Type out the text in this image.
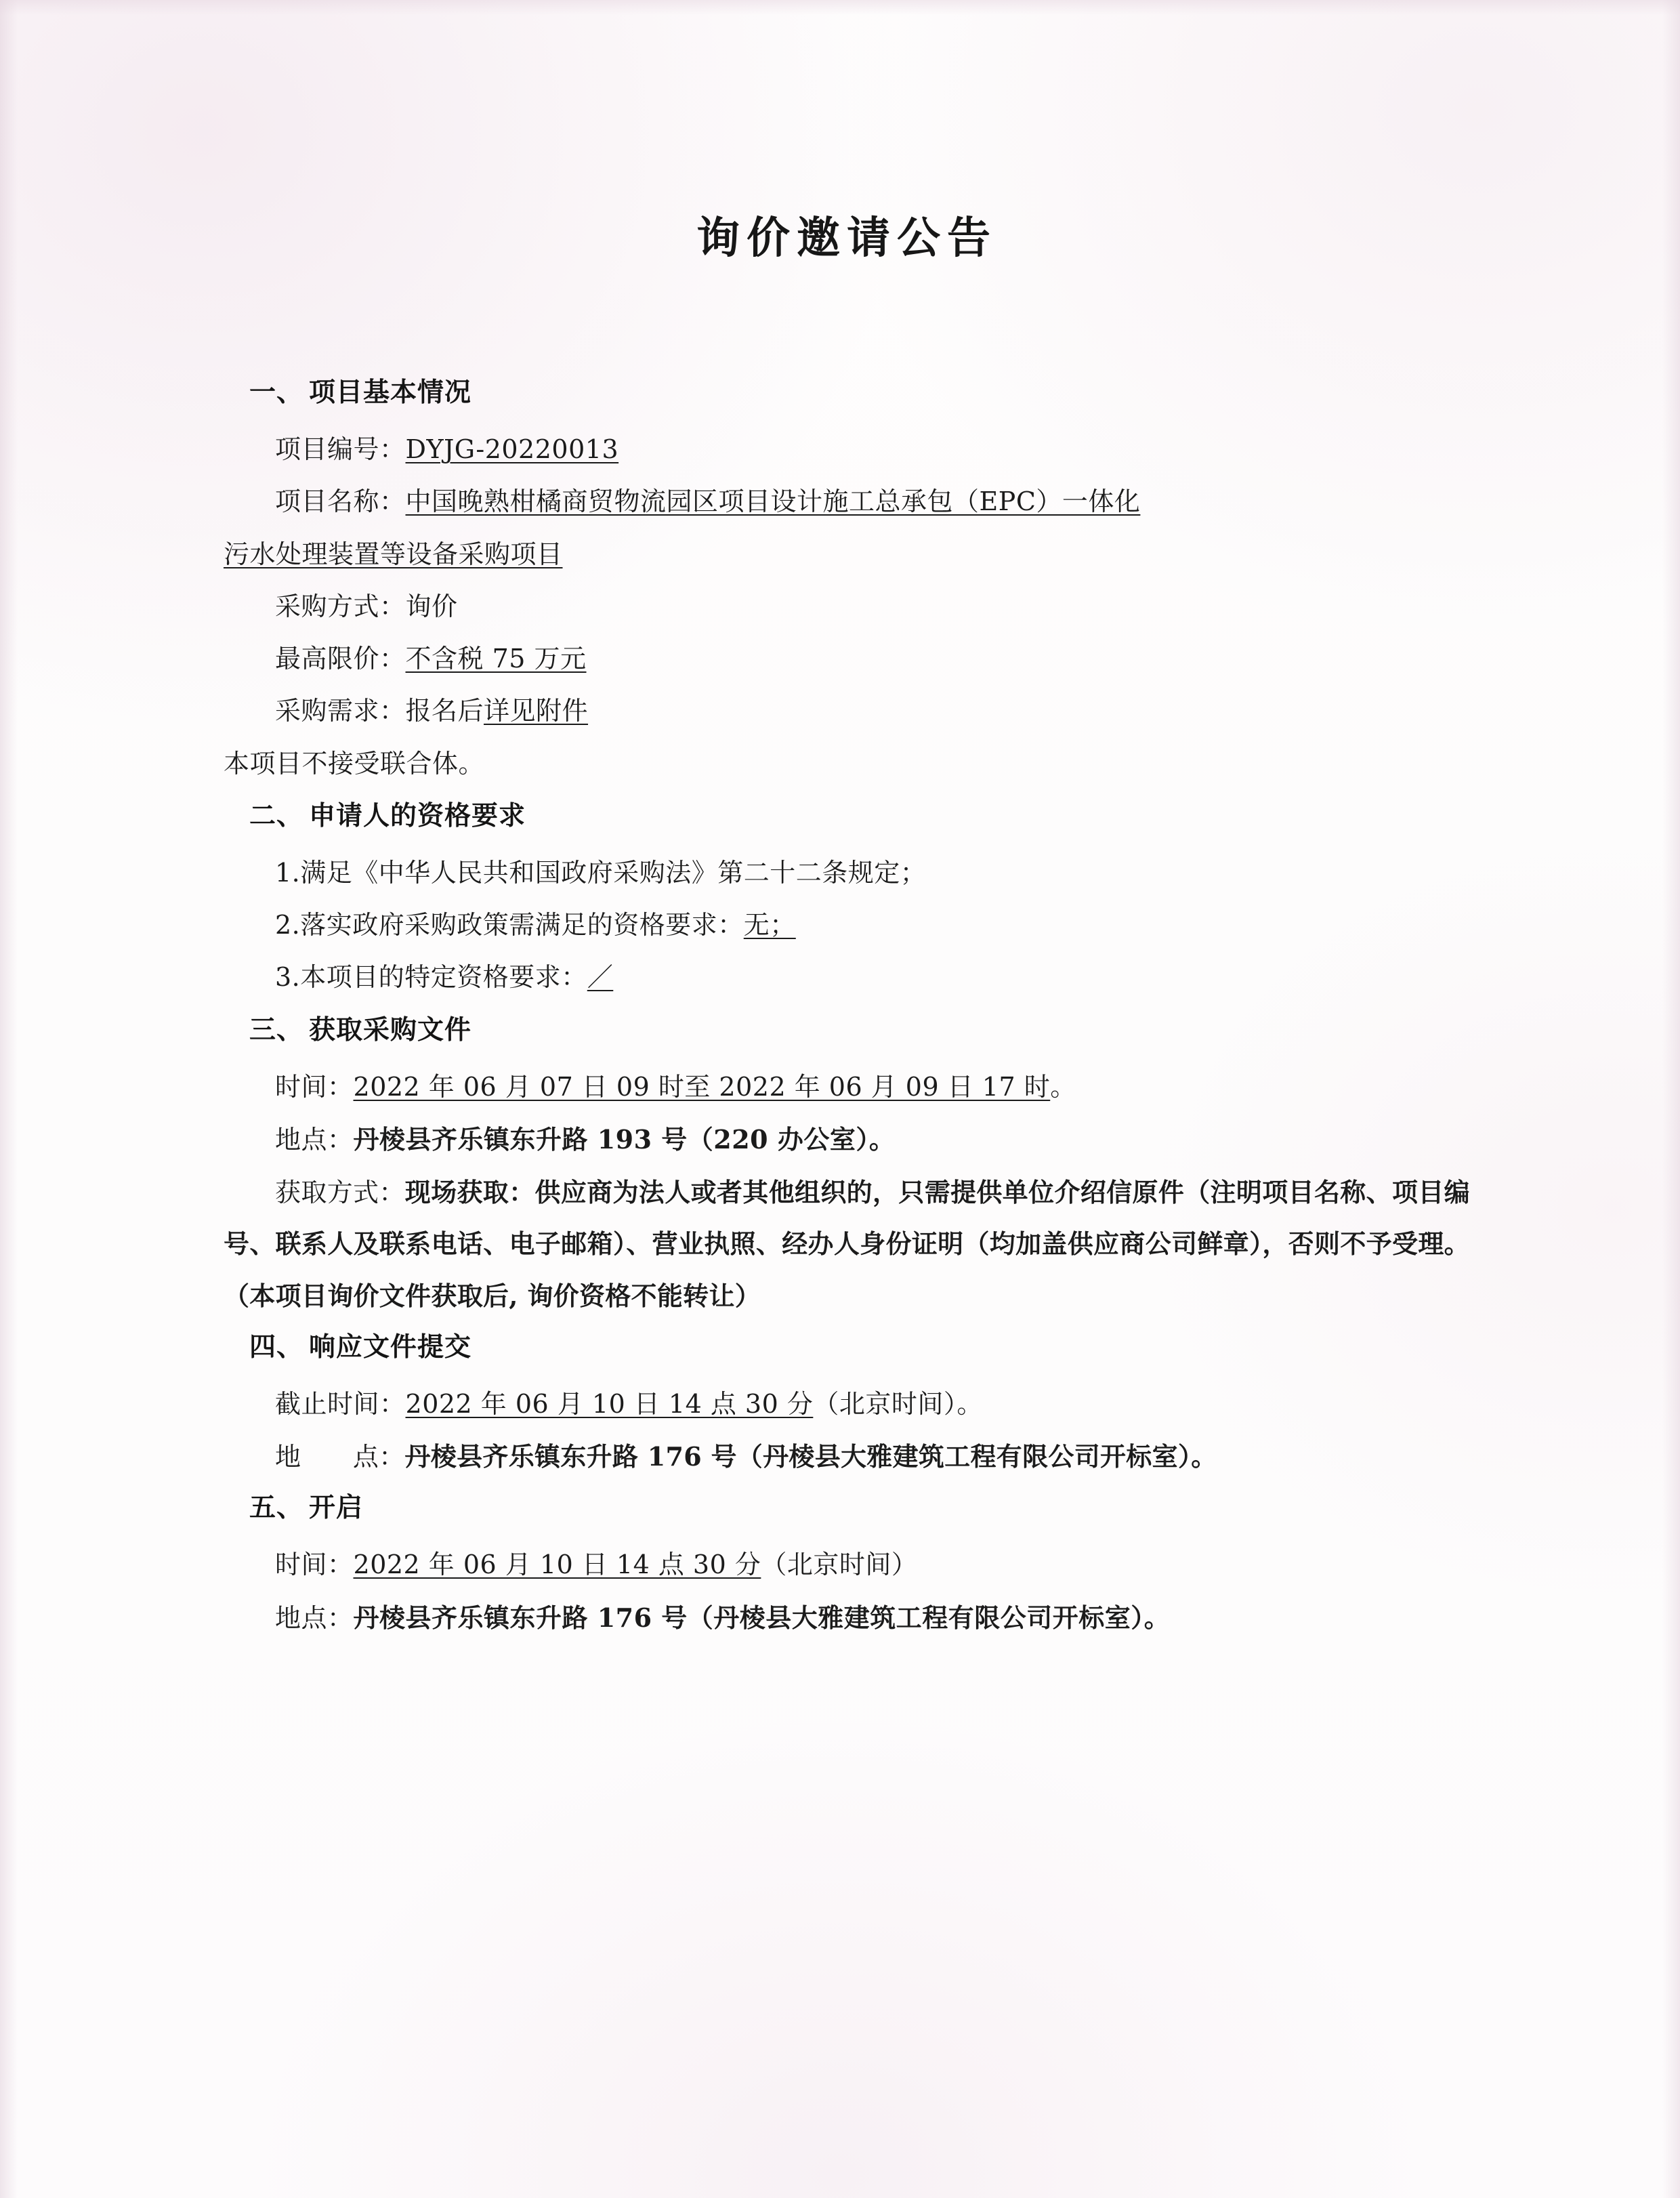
询价邀请公告
一、 项目基本情况

项目编号：DYJG-20220013

项目名称：中国晚熟柑橘商贸物流园区项目设计施工总承包（EPC）一体化

污水处理装置等设备采购项目

采购方式：询价

最高限价：不含税 75 万元

采购需求：报名后详见附件

本项目不接受联合体。

二、 申请人的资格要求

1.满足《中华人民共和国政府采购法》第二十二条规定；

2.落实政府采购政策需满足的资格要求：无；

3.本项目的特定资格要求：／

三、 获取采购文件

时间：2022 年 06 月 07 日 09 时至 2022 年 06 月 09 日 17 时。

地点：丹棱县齐乐镇东升路 193 号（220 办公室）。

获取方式：现场获取：供应商为法人或者其他组织的，只需提供单位介绍信原件（注明项目名称、项目编号、联系人及联系电话、电子邮箱）、营业执照、经办人身份证明（均加盖供应商公司鲜章），否则不予受理。（本项目询价文件获取后, 询价资格不能转让）

四、 响应文件提交

截止时间：2022 年 06 月 10 日 14 点 30 分（北京时间）。

地　　点：丹棱县齐乐镇东升路 176 号（丹棱县大雅建筑工程有限公司开标室）。

五、 开启

时间：2022 年 06 月 10 日 14 点 30 分（北京时间）

地点：丹棱县齐乐镇东升路 176 号（丹棱县大雅建筑工程有限公司开标室）。
